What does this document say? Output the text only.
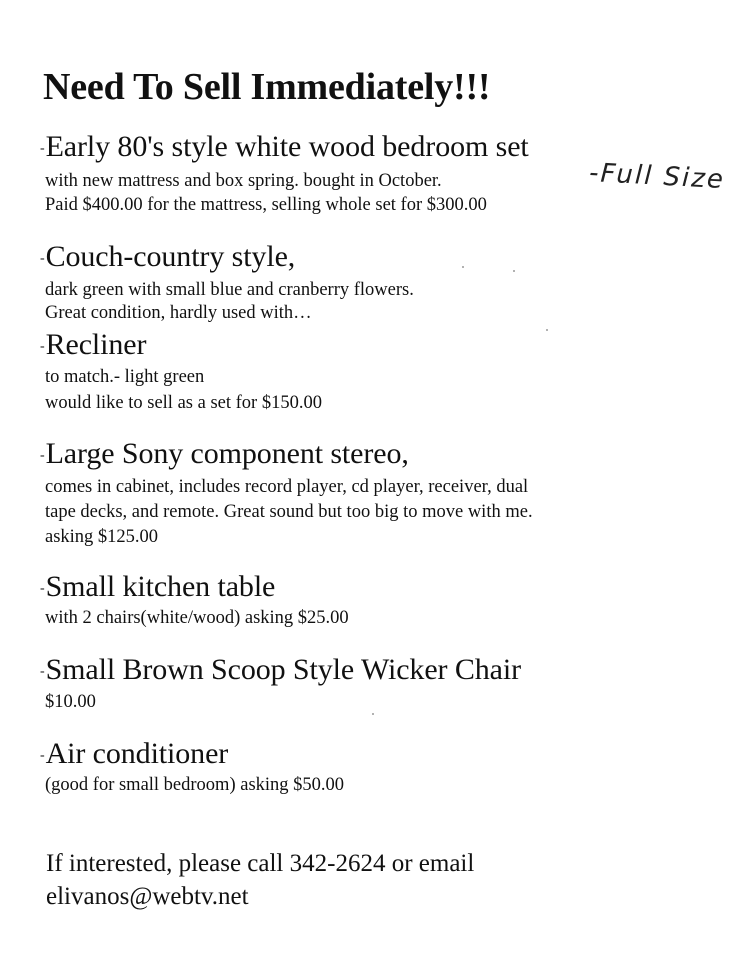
Need To Sell Immediately!!!
-Early 80's style white wood bedroom set
-Full Size
with new mattress and box spring. bought in October.
Paid $400.00 for the mattress, selling whole set for $300.00
-Couch-country style,
dark green with small blue and cranberry flowers.
Great condition, hardly used with…
-Recliner
to match.- light green
would like to sell as a set for $150.00
-Large Sony component stereo,
comes in cabinet, includes record player, cd player, receiver, dual
tape decks, and remote. Great sound but too big to move with me.
asking $125.00
-Small kitchen table
with 2 chairs(white/wood) asking $25.00
-Small Brown Scoop Style Wicker Chair
$10.00
-Air conditioner
(good for small bedroom) asking $50.00
If interested, please call 342-2624 or email
elivanos@webtv.net
